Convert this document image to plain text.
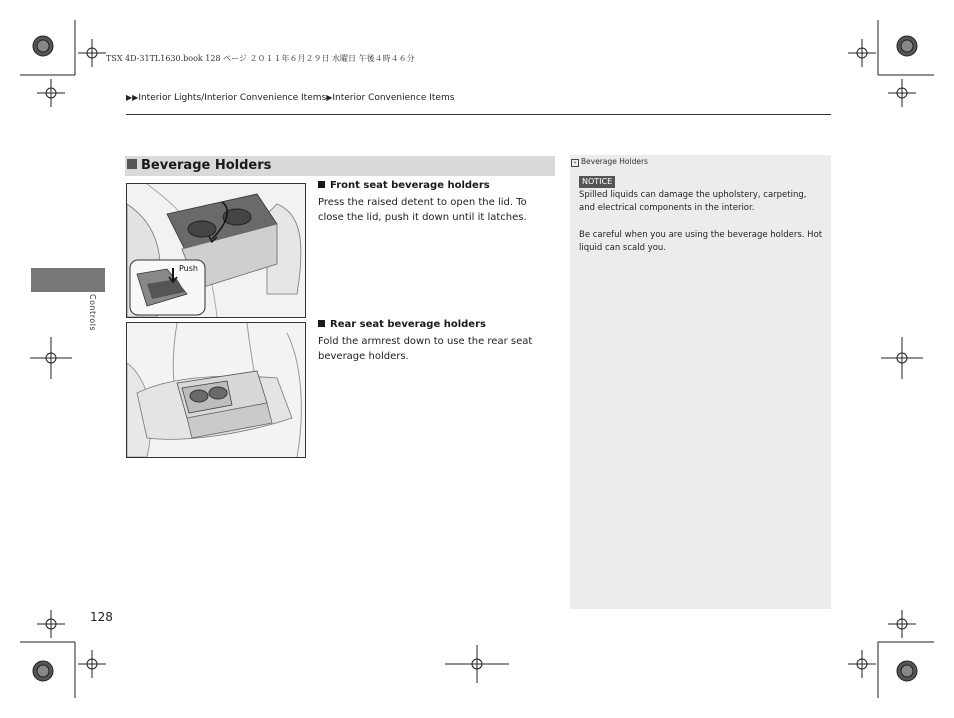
TSX 4D-31TL1630.book 128 ページ ２０１１年６月２９日 水曜日 午後４時４６分
▶▶Interior Lights/Interior Convenience Items▶Interior Convenience Items
Controls
Beverage Holders
Push
Front seat beverage holders
Press the raised detent to open the lid. To close the lid, push it down until it latches.
Rear seat beverage holders
Fold the armrest down to use the rear seat beverage holders.
» Beverage Holders
NOTICE
Spilled liquids can damage the upholstery, carpeting, and electrical components in the interior.
Be careful when you are using the beverage holders. Hot liquid can scald you.
128
